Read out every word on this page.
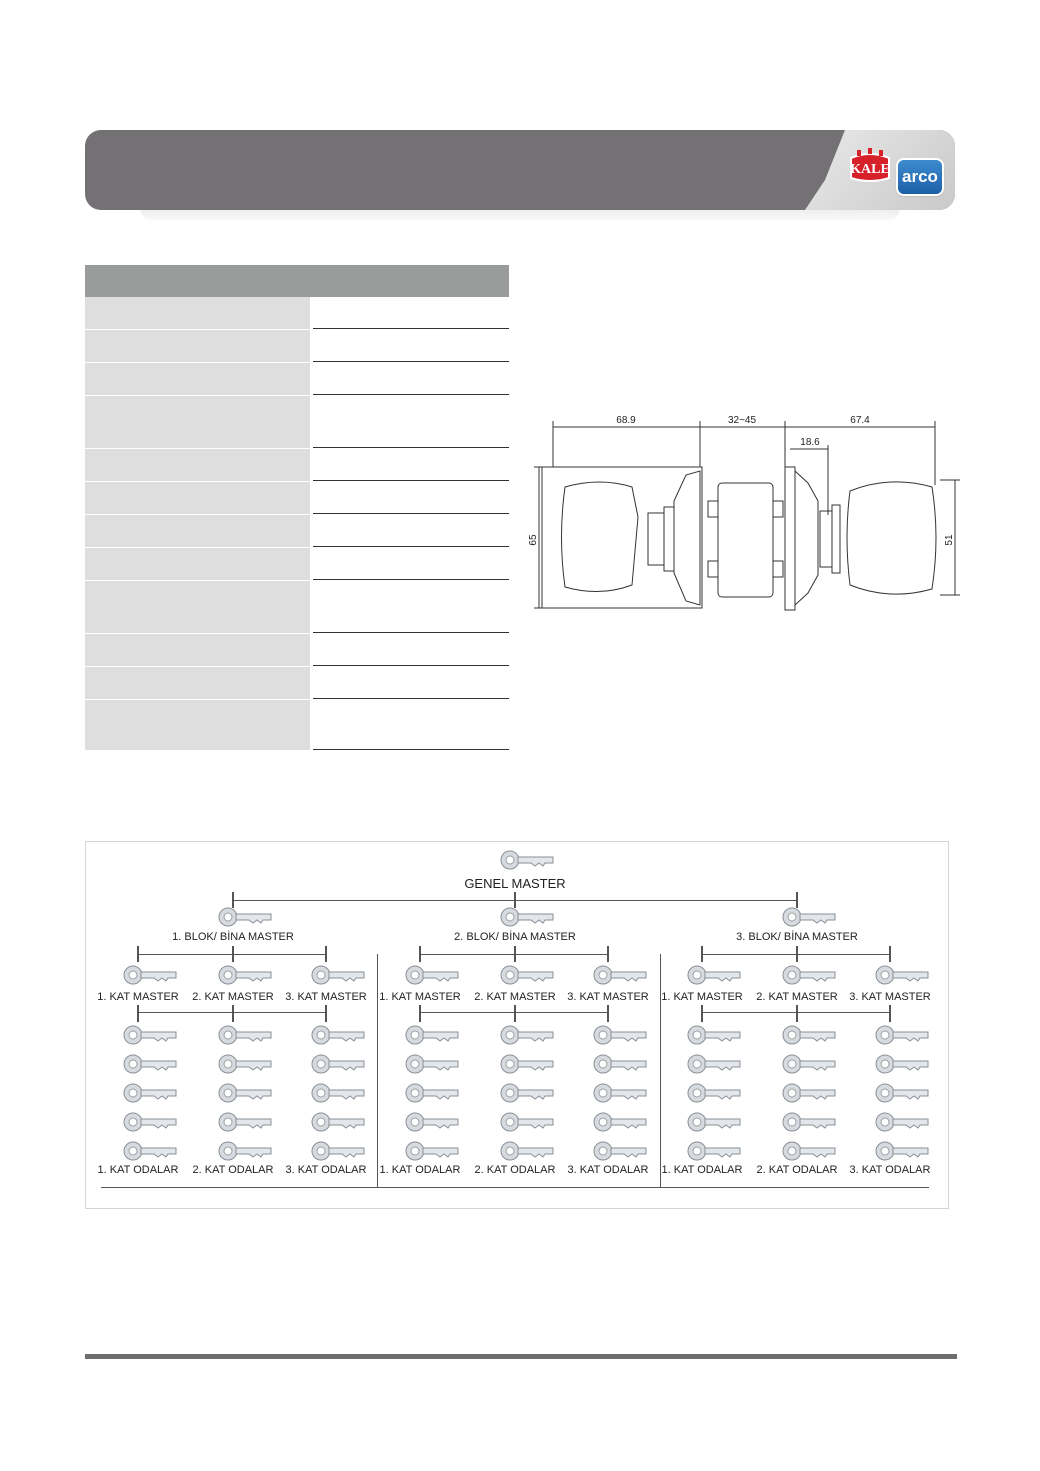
KALE arco
68.9	32~45	67.4
18.6
65	51
GENEL MASTER
1. BLOK/ BİNA MASTER
1. KAT MASTER
1. KAT ODALAR
2. KAT MASTER
2. KAT ODALAR
3. KAT MASTER
3. KAT ODALAR
2. BLOK/ BİNA MASTER
1. KAT MASTER
1. KAT ODALAR
2. KAT MASTER
2. KAT ODALAR
3. KAT MASTER
3. KAT ODALAR
3. BLOK/ BİNA MASTER
1. KAT MASTER
1. KAT ODALAR
2. KAT MASTER
2. KAT ODALAR
3. KAT MASTER
3. KAT ODALAR
